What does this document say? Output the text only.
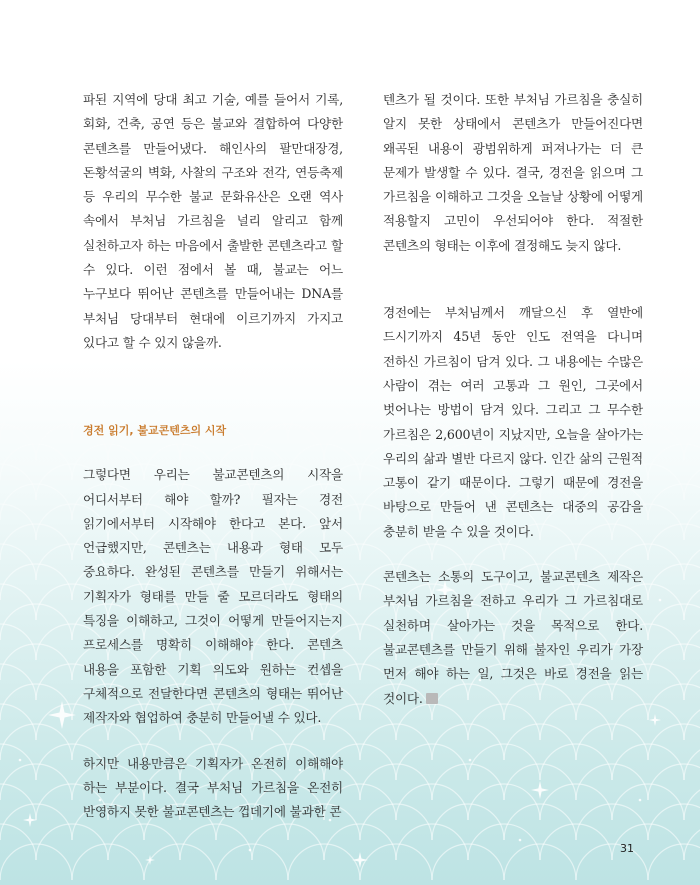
파된 지역에 당대 최고 기술, 예를 들어서 기록, 회화, 건축, 공연 등은 불교와 결합하여 다양한 콘텐츠를 만들어냈다. 해인사의 팔만대장경, 돈황석굴의 벽화, 사찰의 구조와 전각, 연등축제 등 우리의 무수한 불교 문화유산은 오랜 역사 속에서 부처님 가르침을 널리 알리고 함께 실천하고자 하는 마음에서 출발한 콘텐츠라고 할 수 있다. 이런 점에서 볼 때, 불교는 어느 누구보다 뛰어난 콘텐츠를 만들어내는 DNA를 부처님 당대부터 현대에 이르기까지 가지고 있다고 할 수 있지 않을까.

경전 읽기, 불교콘텐츠의 시작

그렇다면 우리는 불교콘텐츠의 시작을 어디서부터 해야 할까? 필자는 경전 읽기에서부터 시작해야 한다고 본다. 앞서 언급했지만, 콘텐츠는 내용과 형태 모두 중요하다. 완성된 콘텐츠를 만들기 위해서는 기획자가 형태를 만들 줄 모르더라도 형태의 특징을 이해하고, 그것이 어떻게 만들어지는지 프로세스를 명확히 이해해야 한다. 콘텐츠 내용을 포함한 기획 의도와 원하는 컨셉을 구체적으로 전달한다면 콘텐츠의 형태는 뛰어난 제작자와 협업하여 충분히 만들어낼 수 있다.

하지만 내용만큼은 기획자가 온전히 이해해야 하는 부분이다. 결국 부처님 가르침을 온전히 반영하지 못한 불교콘텐츠는 껍데기에 불과한 콘

텐츠가 될 것이다. 또한 부처님 가르침을 충실히 알지 못한 상태에서 콘텐츠가 만들어진다면 왜곡된 내용이 광범위하게 퍼져나가는 더 큰 문제가 발생할 수 있다. 결국, 경전을 읽으며 그 가르침을 이해하고 그것을 오늘날 상황에 어떻게 적용할지 고민이 우선되어야 한다. 적절한 콘텐츠의 형태는 이후에 결정해도 늦지 않다.

경전에는 부처님께서 깨달으신 후 열반에 드시기까지 45년 동안 인도 전역을 다니며 전하신 가르침이 담겨 있다. 그 내용에는 수많은 사람이 겪는 여러 고통과 그 원인, 그곳에서 벗어나는 방법이 담겨 있다. 그리고 그 무수한 가르침은 2,600년이 지났지만, 오늘을 살아가는 우리의 삶과 별반 다르지 않다. 인간 삶의 근원적 고통이 같기 때문이다. 그렇기 때문에 경전을 바탕으로 만들어 낸 콘텐츠는 대중의 공감을 충분히 받을 수 있을 것이다.

콘텐츠는 소통의 도구이고, 불교콘텐츠 제작은 부처님 가르침을 전하고 우리가 그 가르침대로 실천하며 살아가는 것을 목적으로 한다. 불교콘텐츠를 만들기 위해 불자인 우리가 가장 먼저 해야 하는 일, 그것은 바로 경전을 읽는 것이다.

31
